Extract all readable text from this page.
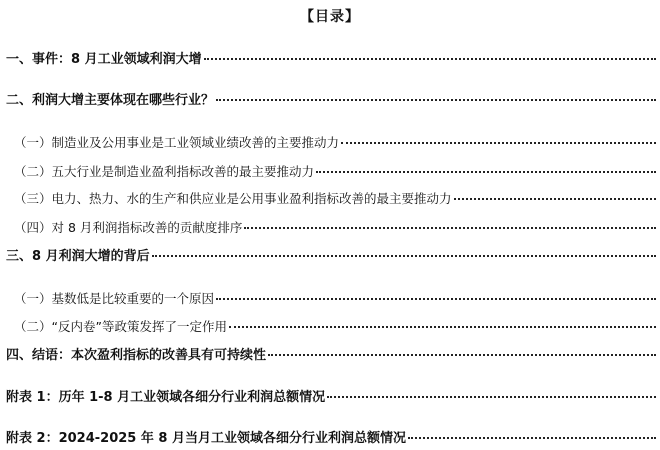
【目录】
一、事件：8 月工业领域利润大增
二、利润大增主要体现在哪些行业？
（一）制造业及公用事业是工业领域业绩改善的主要推动力
（二）五大行业是制造业盈利指标改善的最主要推动力
（三）电力、热力、水的生产和供应业是公用事业盈利指标改善的最主要推动力
（四）对 8 月利润指标改善的贡献度排序
三、8 月利润大增的背后
（一）基数低是比较重要的一个原因
（二）“反内卷”等政策发挥了一定作用
四、结语：本次盈利指标的改善具有可持续性
附表 1：历年 1-8 月工业领域各细分行业利润总额情况
附表 2：2024-2025 年 8 月当月工业领域各细分行业利润总额情况
